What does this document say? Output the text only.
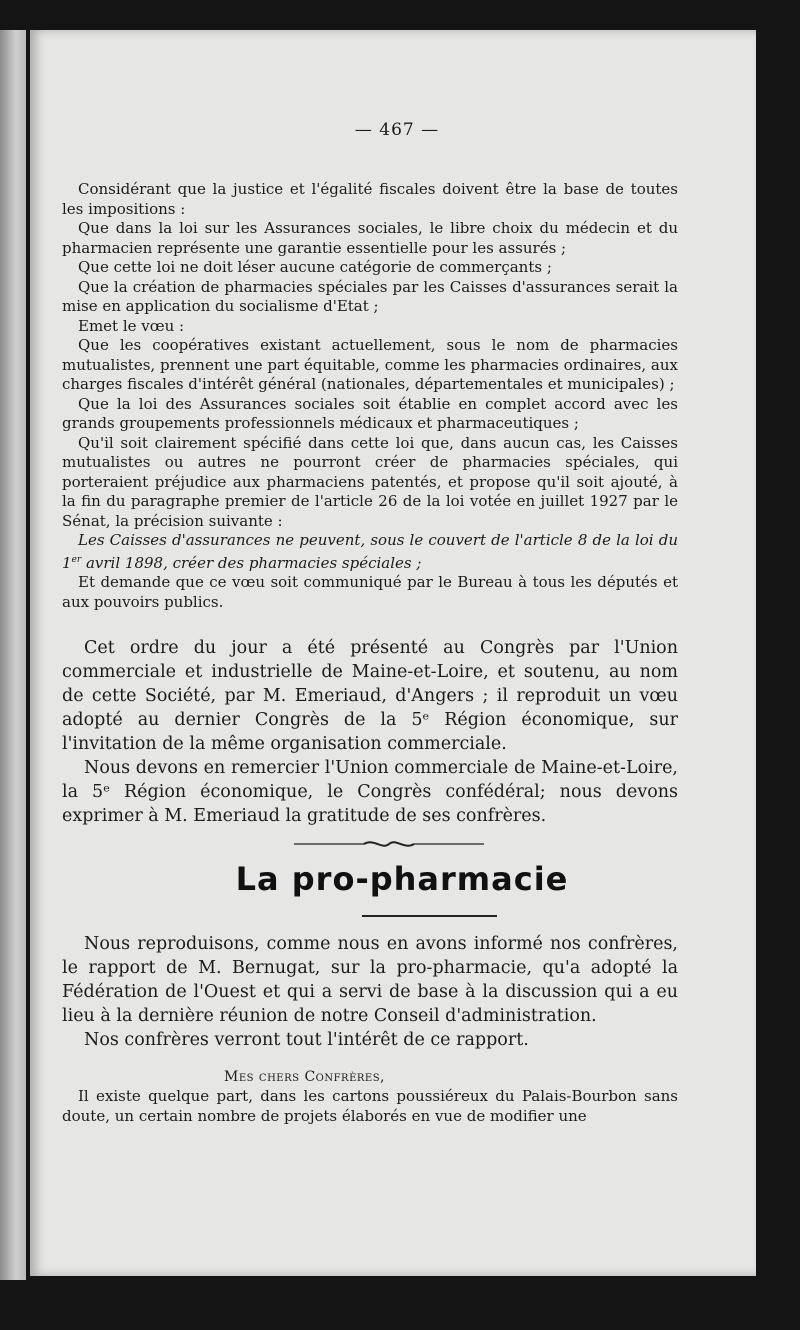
— 467 —

Considérant que la justice et l'égalité fiscales doivent être la base de toutes les impositions :

Que dans la loi sur les Assurances sociales, le libre choix du médecin et du pharmacien représente une garantie essentielle pour les assurés ;

Que cette loi ne doit léser aucune catégorie de commerçants ;

Que la création de pharmacies spéciales par les Caisses d'assurances serait la mise en application du socialisme d'Etat ;

Emet le vœu :

Que les coopératives existant actuellement, sous le nom de pharmacies mutualistes, prennent une part équitable, comme les pharmacies ordinaires, aux charges fiscales d'intérêt général (nationales, départementales et municipales) ;

Que la loi des Assurances sociales soit établie en complet accord avec les grands groupements professionnels médicaux et pharmaceutiques ;

Qu'il soit clairement spécifié dans cette loi que, dans aucun cas, les Caisses mutualistes ou autres ne pourront créer de pharmacies spéciales, qui porteraient préjudice aux pharmaciens patentés, et propose qu'il soit ajouté, à la fin du paragraphe premier de l'article 26 de la loi votée en juillet 1927 par le Sénat, la précision suivante :

Les Caisses d'assurances ne peuvent, sous le couvert de l'article 8 de la loi du 1er avril 1898, créer des pharmacies spéciales ;

Et demande que ce vœu soit communiqué par le Bureau à tous les députés et aux pouvoirs publics.

Cet ordre du jour a été présenté au Congrès par l'Union commerciale et industrielle de Maine-et-Loire, et soutenu, au nom de cette Société, par M. Emeriaud, d'Angers ; il reproduit un vœu adopté au dernier Congrès de la 5ᵉ Région économique, sur l'invitation de la même organisation commerciale.

Nous devons en remercier l'Union commerciale de Maine-et-Loire, la 5ᵉ Région économique, le Congrès confédéral; nous devons exprimer à M. Emeriaud la gratitude de ses confrères.

La pro-pharmacie

Nous reproduisons, comme nous en avons informé nos confrères, le rapport de M. Bernugat, sur la pro-pharmacie, qu'a adopté la Fédération de l'Ouest et qui a servi de base à la discussion qui a eu lieu à la dernière réunion de notre Conseil d'administration.

Nos confrères verront tout l'intérêt de ce rapport.

Mes chers Confrères,

Il existe quelque part, dans les cartons poussiéreux du Palais-Bourbon sans doute, un certain nombre de projets élaborés en vue de modifier une
